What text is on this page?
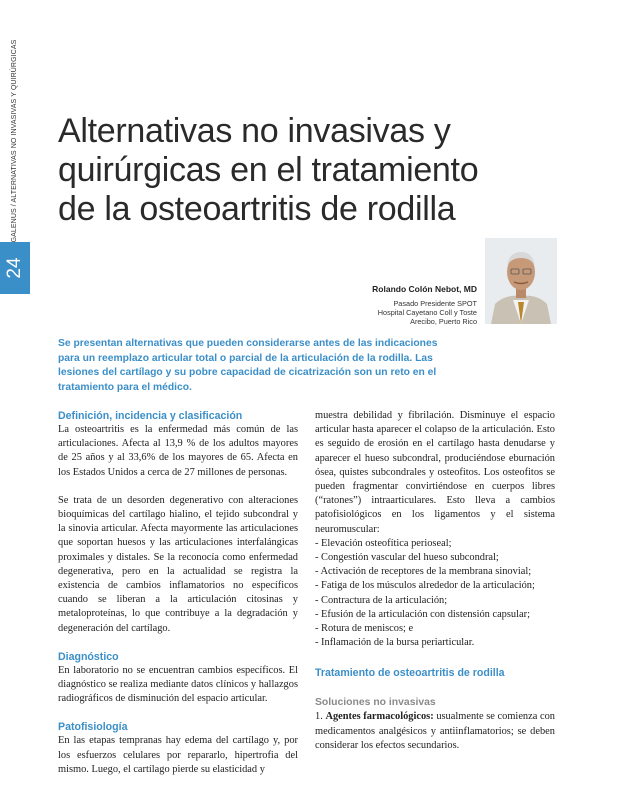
GALENUS / ALTERNATIVAS NO INVASIVAS Y QUIRÚRGICAS
24
Alternativas no invasivas y
quirúrgicas en el tratamiento
de la osteoartritis de rodilla
Rolando Colón Nebot, MD
Pasado Presidente SPOT
Hospital Cayetano Coll y Toste
Arecibo, Puerto Rico

Se presentan alternativas que pueden considerarse antes de las indicaciones para un reemplazo articular total o parcial de la articulación de la rodilla. Las lesiones del cartílago y su pobre capacidad de cicatrización son un reto en el tratamiento para el médico.

Definición, incidencia y clasificación

La osteoartritis es la enfermedad más común de las articulaciones. Afecta al 13,9 % de los adultos mayores de 25 años y al 33,6% de los mayores de 65. Afecta en los Estados Unidos a cerca de 27 millones de personas.

Se trata de un desorden degenerativo con alteraciones bioquímicas del cartílago hialino, el tejido subcondral y la sinovia articular. Afecta mayormente las articulaciones que soportan huesos y las articulaciones interfalángicas proximales y distales. Se la reconocía como enfermedad degenerativa, pero en la actualidad se registra la existencia de cambios inflamatorios no específicos cuando se liberan a la articulación citosinas y metaloproteínas, lo que contribuye a la degradación y degeneración del cartílago.

Diagnóstico

En laboratorio no se encuentran cambios específicos. El diagnóstico se realiza mediante datos clínicos y hallazgos radiográficos de disminución del espacio articular.

Patofisiología

En las etapas tempranas hay edema del cartílago y, por los esfuerzos celulares por repararlo, hipertrofia del mismo. Luego, el cartílago pierde su elasticidad y

muestra debilidad y fibrilación. Disminuye el espacio articular hasta aparecer el colapso de la articulación. Esto es seguido de erosión en el cartílago hasta denudarse y aparecer el hueso subcondral, produciéndose eburnación ósea, quistes subcondrales y osteofitos. Los osteofitos se pueden fragmentar convirtiéndose en cuerpos libres (“ratones”) intraarticulares. Esto lleva a cambios patofisiológicos en los ligamentos y el sistema neuromuscular:

- Elevación osteofítica perioseal;
- Congestión vascular del hueso subcondral;
- Activación de receptores de la membrana sinovial;
- Fatiga de los músculos alrededor de la articulación;
- Contractura de la articulación;
- Efusión de la articulación con distensión capsular;
- Rotura de meniscos; e
- Inflamación de la bursa periarticular.
Tratamiento de osteoartritis de rodilla
Soluciones no invasivas

1. Agentes farmacológicos: usualmente se comienza con medicamentos analgésicos y antiinflamatorios; se deben considerar los efectos secundarios.
